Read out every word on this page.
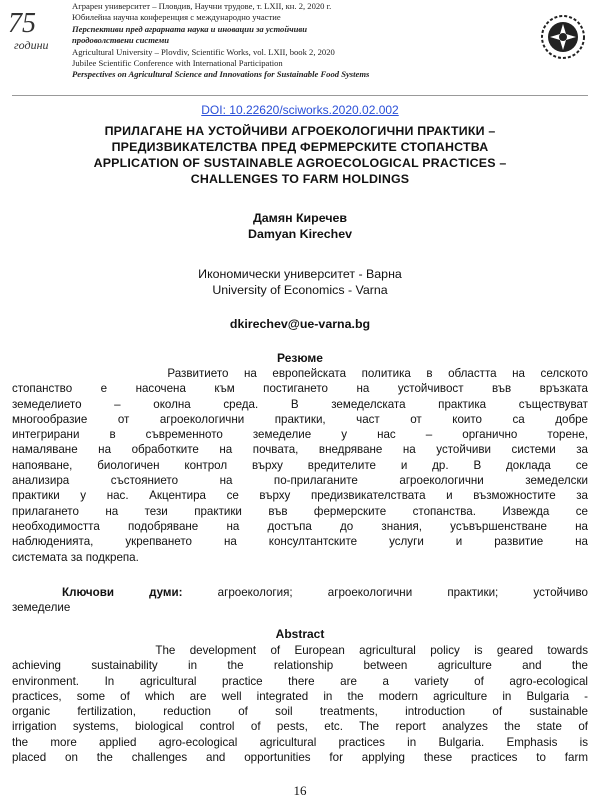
75
години
Аграрен университет – Пловдив, Научни трудове, т. LXII, кн. 2, 2020 г.
Юбилейна научна конференция с международно участие
Перспективи пред аграрната наука и иновации за устойчиви
продоволствени системи
Agricultural University – Plovdiv, Scientific Works, vol. LXII, book 2, 2020
Jubilee Scientific Conference with International Participation
Perspectives on Agricultural Science and Innovations for Sustainable Food Systems
DOI: 10.22620/sciworks.2020.02.002
ПРИЛАГАНЕ НА УСТОЙЧИВИ АГРОЕКОЛОГИЧНИ ПРАКТИКИ –
ПРЕДИЗВИКАТЕЛСТВА ПРЕД ФЕРМЕРСКИТЕ СТОПАНСТВА
APPLICATION OF SUSTAINABLE AGROECOLOGICAL PRACTICES –
CHALLENGES TO FARM HOLDINGS
Дамян Киречев
Damyan Kirechev
Икономически университет - Варна
University of Economics - Varna
dkirechev@ue-varna.bg
Резюме
Развитието на европейската политика в областта на селското
стопанство е насочена към постигането на устойчивост във връзката
земеделието – околна среда. В земеделската практика съществуват
многообразие от агроекологични практики, част от които са добре
интегрирани в съвременното земеделие у нас – органично торене,
намаляване на обработките на почвата, внедряване на устойчиви системи за
напояване, биологичен контрол върху вредителите и др. В доклада се
анализира състоянието на по-прилаганите агроекологични земеделски
практики у нас. Акцентира се върху предизвикателствата и възможностите за
прилагането на тези практики във фермерските стопанства. Извежда се
необходимостта подобряване на достъпа до знания, усъвършенстване на
наблюденията, укрепването на консултантските услуги и развитие на
системата за подкрепа.
Ключови думи: агроекология; агроекологични практики; устойчиво
земеделие
Abstract
The development of European agricultural policy is geared towards
achieving sustainability in the relationship between agriculture and the
environment. In agricultural practice there are a variety of agro-ecological
practices, some of which are well integrated in the modern agriculture in Bulgaria -
organic fertilization, reduction of soil treatments, introduction of sustainable
irrigation systems, biological control of pests, etc. The report analyzes the state of
the more applied agro-ecological agricultural practices in Bulgaria. Emphasis is
placed on the challenges and opportunities for applying these practices to farm
16
